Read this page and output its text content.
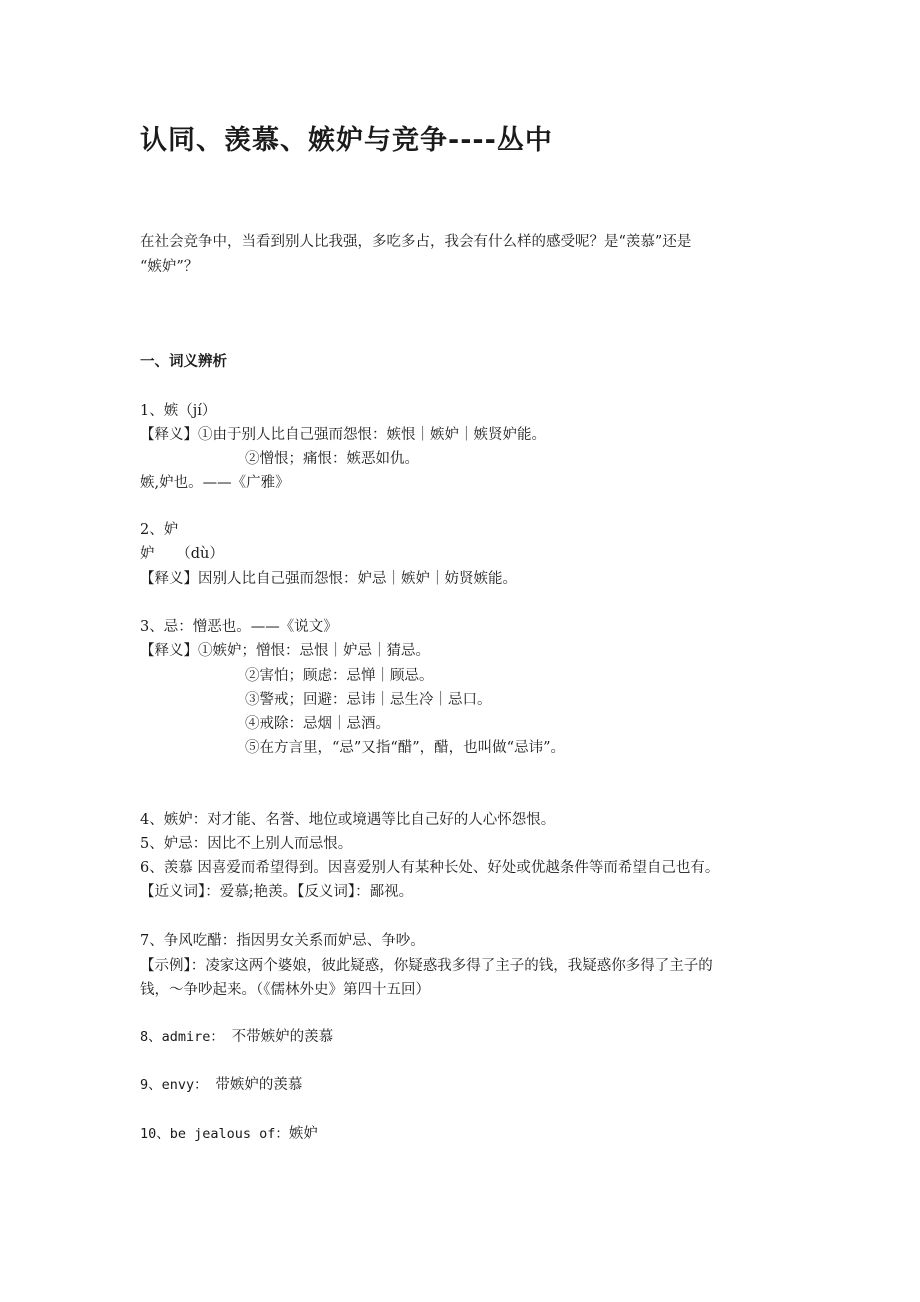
认同、羡慕、嫉妒与竞争----丛中
在社会竞争中，当看到别人比我强，多吃多占，我会有什么样的感受呢？是“羡慕”还是
“嫉妒”？
一、词义辨析
1、嫉（jí）
【释义】①由于别人比自己强而怨恨：嫉恨｜嫉妒｜嫉贤妒能。
②憎恨；痛恨：嫉恶如仇。
嫉,妒也。——《广雅》
2、妒
妒　　（dù）
【释义】因别人比自己强而怨恨：妒忌｜嫉妒｜妨贤嫉能。
3、忌：憎恶也。——《说文》
【释义】①嫉妒；憎恨：忌恨｜妒忌｜猜忌。
②害怕；顾虑：忌惮｜顾忌。
③警戒；回避：忌讳｜忌生冷｜忌口。
④戒除：忌烟｜忌酒。
⑤在方言里，“忌”又指“醋”，醋，也叫做“忌讳”。
4、嫉妒：对才能、名誉、地位或境遇等比自己好的人心怀怨恨。
5、妒忌：因比不上别人而忌恨。
6、羡慕 因喜爱而希望得到。因喜爱别人有某种长处、好处或优越条件等而希望自己也有。
【近义词】：爱慕;艳羡。【反义词】：鄙视。
7、争风吃醋：指因男女关系而妒忌、争吵。
【示例】：凌家这两个婆娘，彼此疑惑，你疑惑我多得了主子的钱，我疑惑你多得了主子的
钱，～争吵起来。（《儒林外史》第四十五回）
8、admire：　不带嫉妒的羡慕
9、envy：　带嫉妒的羡慕
10、be jealous of：嫉妒
